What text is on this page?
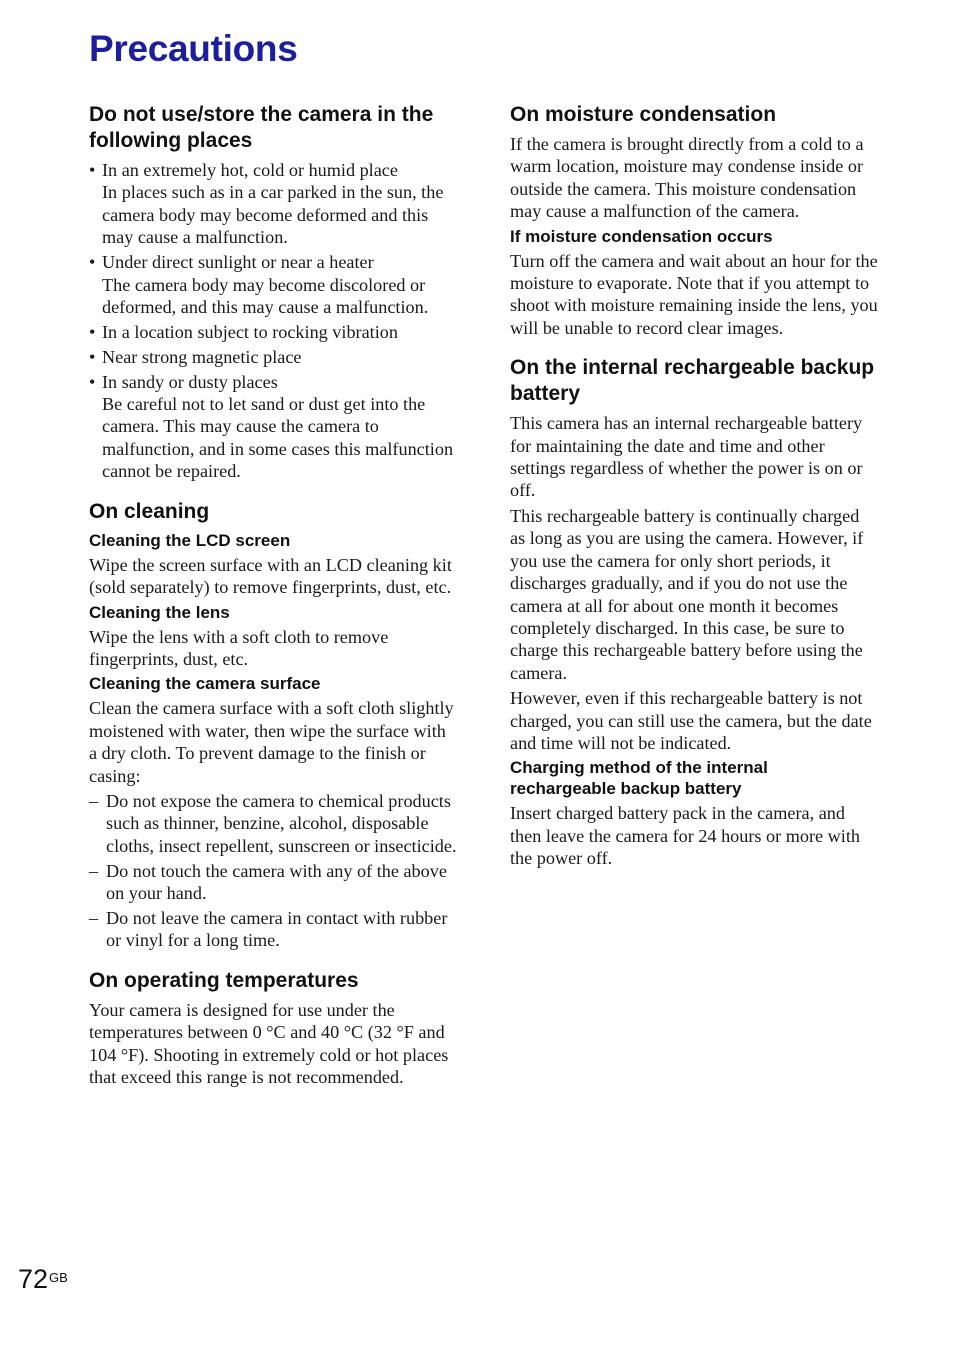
Precautions
Do not use/store the camera in the following places
• In an extremely hot, cold or humid place
In places such as in a car parked in the sun, the camera body may become deformed and this may cause a malfunction.
• Under direct sunlight or near a heater
The camera body may become discolored or deformed, and this may cause a malfunction.
• In a location subject to rocking vibration
• Near strong magnetic place
• In sandy or dusty places
Be careful not to let sand or dust get into the camera. This may cause the camera to malfunction, and in some cases this malfunction cannot be repaired.
On cleaning
Cleaning the LCD screen

Wipe the screen surface with an LCD cleaning kit (sold separately) to remove fingerprints, dust, etc.

Cleaning the lens

Wipe the lens with a soft cloth to remove fingerprints, dust, etc.

Cleaning the camera surface

Clean the camera surface with a soft cloth slightly moistened with water, then wipe the surface with a dry cloth. To prevent damage to the finish or casing:

– Do not expose the camera to chemical products such as thinner, benzine, alcohol, disposable cloths, insect repellent, sunscreen or insecticide.
– Do not touch the camera with any of the above on your hand.
– Do not leave the camera in contact with rubber or vinyl for a long time.
On operating temperatures

Your camera is designed for use under the temperatures between 0 °C and 40 °C (32 °F and 104 °F). Shooting in extremely cold or hot places that exceed this range is not recommended.

On moisture condensation

If the camera is brought directly from a cold to a warm location, moisture may condense inside or outside the camera. This moisture condensation may cause a malfunction of the camera.

If moisture condensation occurs

Turn off the camera and wait about an hour for the moisture to evaporate. Note that if you attempt to shoot with moisture remaining inside the lens, you will be unable to record clear images.

On the internal rechargeable backup battery

This camera has an internal rechargeable battery for maintaining the date and time and other settings regardless of whether the power is on or off.

This rechargeable battery is continually charged as long as you are using the camera. However, if you use the camera for only short periods, it discharges gradually, and if you do not use the camera at all for about one month it becomes completely discharged. In this case, be sure to charge this rechargeable battery before using the camera.

However, even if this rechargeable battery is not charged, you can still use the camera, but the date and time will not be indicated.

Charging method of the internal rechargeable backup battery

Insert charged battery pack in the camera, and then leave the camera for 24 hours or more with the power off.

$72^{GB}$
